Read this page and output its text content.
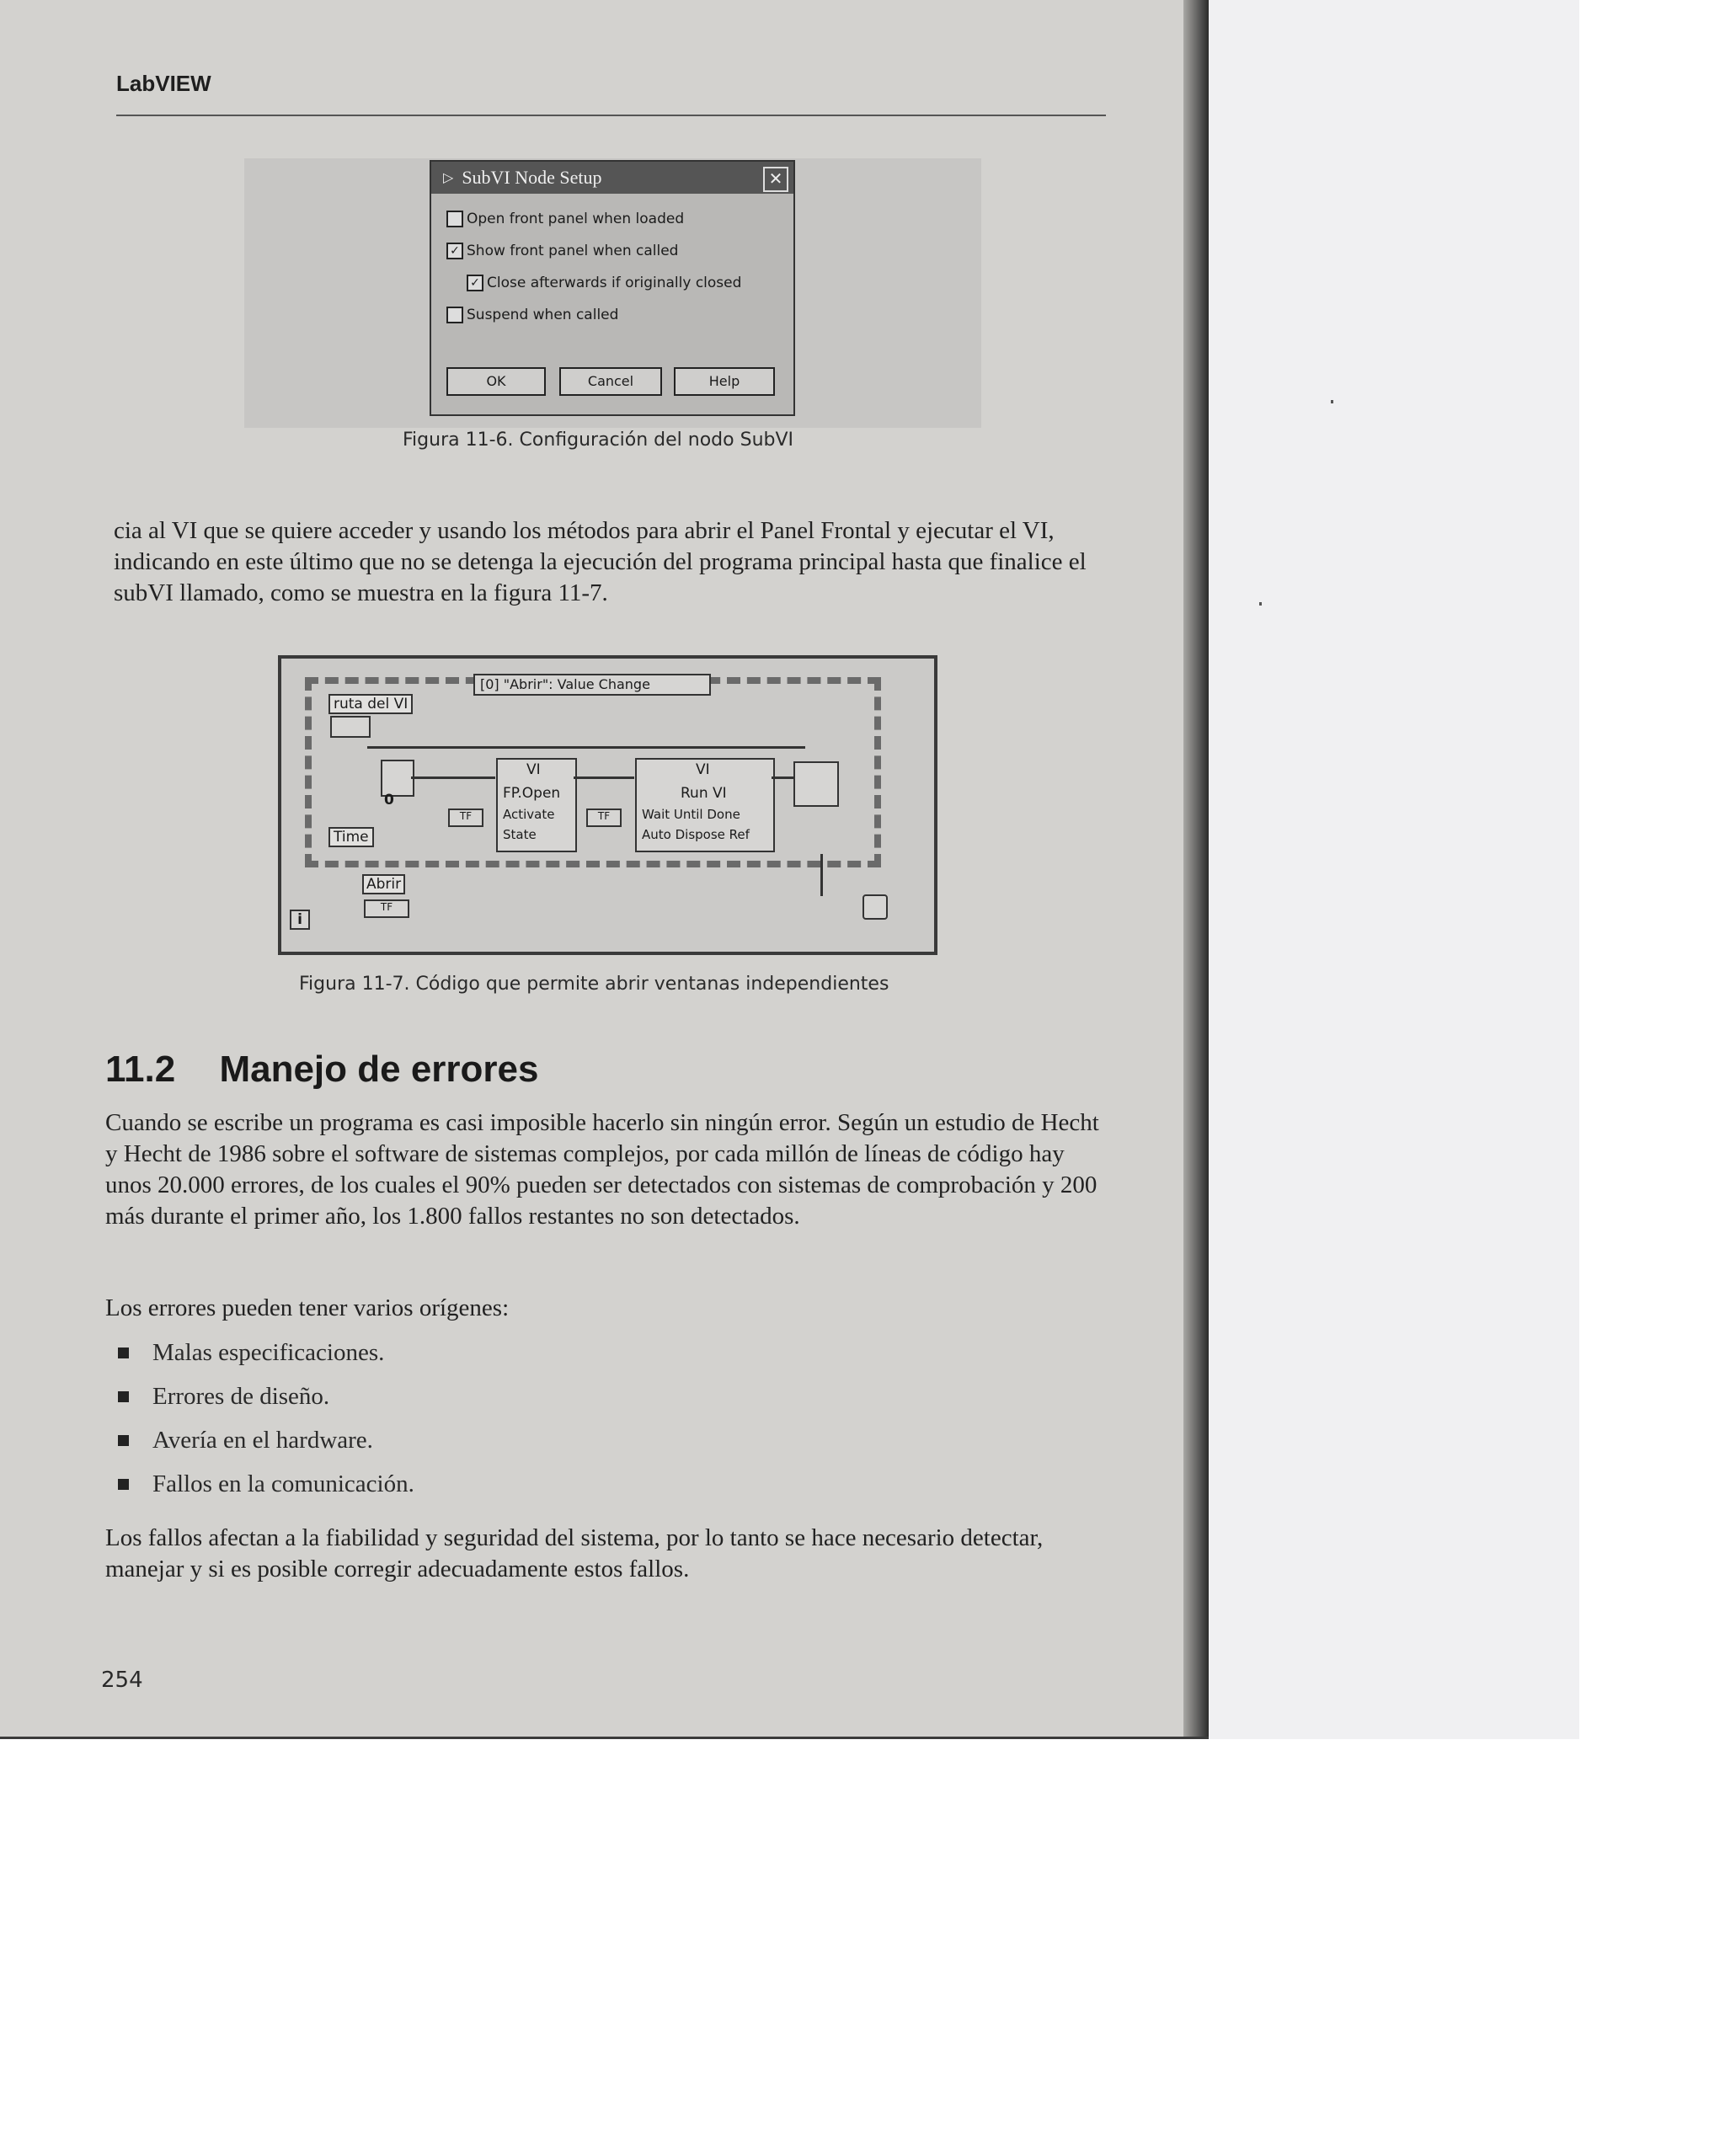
LabVIEW
▷ SubVI Node Setup	✕
Open front panel when loaded
✓ Show front panel when called
✓ Close afterwards if originally closed
Suspend when called
OK	Cancel	Help
Figura 11-6. Configuración del nodo SubVI
cia al VI que se quiere acceder y usando los métodos para abrir el Panel Frontal y ejecutar el VI, indicando en este último que no se detenga la ejecución del programa principal hasta que finalice el subVI llamado, como se muestra en la figura 11-7.
[0] "Abrir": Value Change
ruta del VI
0
Time
VI
FP.Open
Activate
State
TF
VI
Run VI
Wait Until Done
Auto Dispose Ref
TF
Abrir
TF
i
Figura 11-7. Código que permite abrir ventanas independientes
11.2 Manejo de errores
Cuando se escribe un programa es casi imposible hacerlo sin ningún error. Según un estudio de Hecht y Hecht de 1986 sobre el software de sistemas complejos, por cada millón de líneas de código hay unos 20.000 errores, de los cuales el 90% pueden ser detectados con sistemas de comprobación y 200 más durante el primer año, los 1.800 fallos restantes no son detectados.
Los errores pueden tener varios orígenes:
Malas especificaciones.
Errores de diseño.
Avería en el hardware.
Fallos en la comunicación.
Los fallos afectan a la fiabilidad y seguridad del sistema, por lo tanto se hace necesario detectar, manejar y si es posible corregir adecuadamente estos fallos.
254
